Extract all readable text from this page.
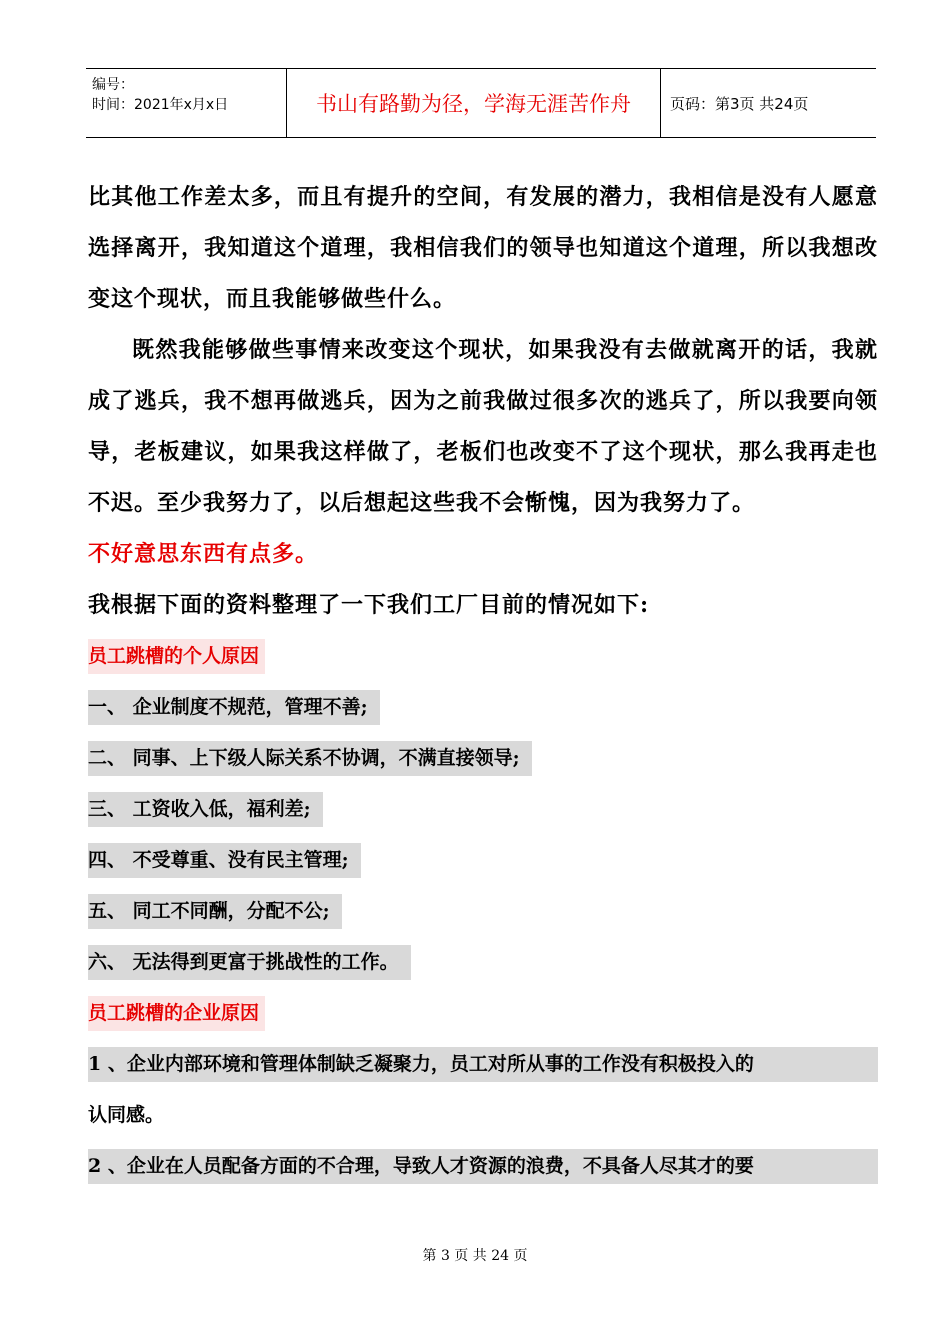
编号：
时间：2021年x月x日	书山有路勤为径，学海无涯苦作舟	页码：第3页 共24页

比其他工作差太多，而且有提升的空间，有发展的潜力，我相信是没有人愿意选择离开，我知道这个道理，我相信我们的领导也知道这个道理，所以我想改变这个现状，而且我能够做些什么。

既然我能够做些事情来改变这个现状，如果我没有去做就离开的话，我就成了逃兵，我不想再做逃兵，因为之前我做过很多次的逃兵了，所以我要向领导，老板建议，如果我这样做了，老板们也改变不了这个现状，那么我再走也不迟。至少我努力了，以后想起这些我不会惭愧，因为我努力了。

不好意思东西有点多。

我根据下面的资料整理了一下我们工厂目前的情况如下:

员工跳槽的个人原因
一、 企业制度不规范，管理不善;
二、 同事、上下级人际关系不协调，不满直接领导;
三、 工资收入低，福利差;
四、 不受尊重、没有民主管理;
五、 同工不同酬，分配不公;
六、 无法得到更富于挑战性的工作。
员工跳槽的企业原因
1 、企业内部环境和管理体制缺乏凝聚力，员工对所从事的工作没有积极投入的
认同感。
2 、企业在人员配备方面的不合理，导致人才资源的浪费，不具备人尽其才的要
第 3 页 共 24 页
